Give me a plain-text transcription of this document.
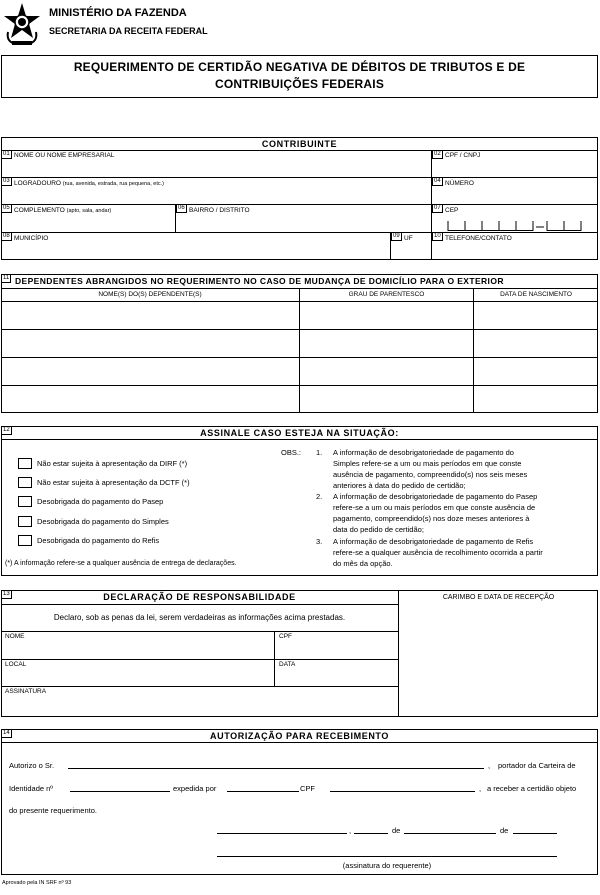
MINISTÉRIO DA FAZENDA
SECRETARIA DA RECEITA FEDERAL
REQUERIMENTO DE CERTIDÃO NEGATIVA DE DÉBITOS DE TRIBUTOS E DE
CONTRIBUIÇÕES FEDERAIS
CONTRIBUINTE
01 NOME OU NOME EMPRESARIAL	02 CPF / CNPJ
03 LOGRADOURO (rua, avenida, estrada, rua pequena, etc.)	04 NÚMERO
05 COMPLEMENTO (apto, sala, andar)	06 BAIRRO / DISTRITO	07 CEP
08 MUNICÍPIO	09 UF	10 TELEFONE/CONTATO
11 DEPENDENTES ABRANGIDOS NO REQUERIMENTO NO CASO DE MUDANÇA DE DOMICÍLIO PARA O EXTERIOR
NOME(S) DO(S) DEPENDENTE(S)	GRAU DE PARENTESCO	DATA DE NASCIMENTO
12	ASSINALE CASO ESTEJA NA SITUAÇÃO:
Não estar sujeita à apresentação da DIRF (*)
Não estar sujeita à apresentação da DCTF (*)
Desobrigada do pagamento do Pasep
Desobrigada do pagamento do Simples
Desobrigada do pagamento do Refis
(*) A informação refere-se a qualquer ausência de entrega de declarações.
OBS.: 1. A informação de desobrigatoriedade de pagamento do
Simples refere-se a um ou mais períodos em que conste
ausência de pagamento, compreendido(s) nos seis meses
anteriores à data do pedido de certidão;
2. A informação de desobrigatoriedade de pagamento do Pasep
refere-se a um ou mais períodos em que conste ausência de
pagamento, compreendido(s) nos doze meses anteriores à
data do pedido de certidão;
3. A informação de desobrigatoriedade de pagamento de Refis
refere-se a qualquer ausência de recolhimento ocorrida a partir
do mês da opção.
13	DECLARAÇÃO DE RESPONSABILIDADE
Declaro, sob as penas da lei, serem verdadeiras as informações acima prestadas.
NOME	CPF
LOCAL	DATA
ASSINATURA
CARIMBO E DATA DE RECEPÇÃO
14	AUTORIZAÇÃO PARA RECEBIMENTO
Autorizo o Sr.	, portador da Carteira de
Identidade nº	expedida por	CPF	, a receber a certidão objeto
do presente requerimento.
,	de	de
(assinatura do requerente)
Aprovado pela IN SRF nº 93
